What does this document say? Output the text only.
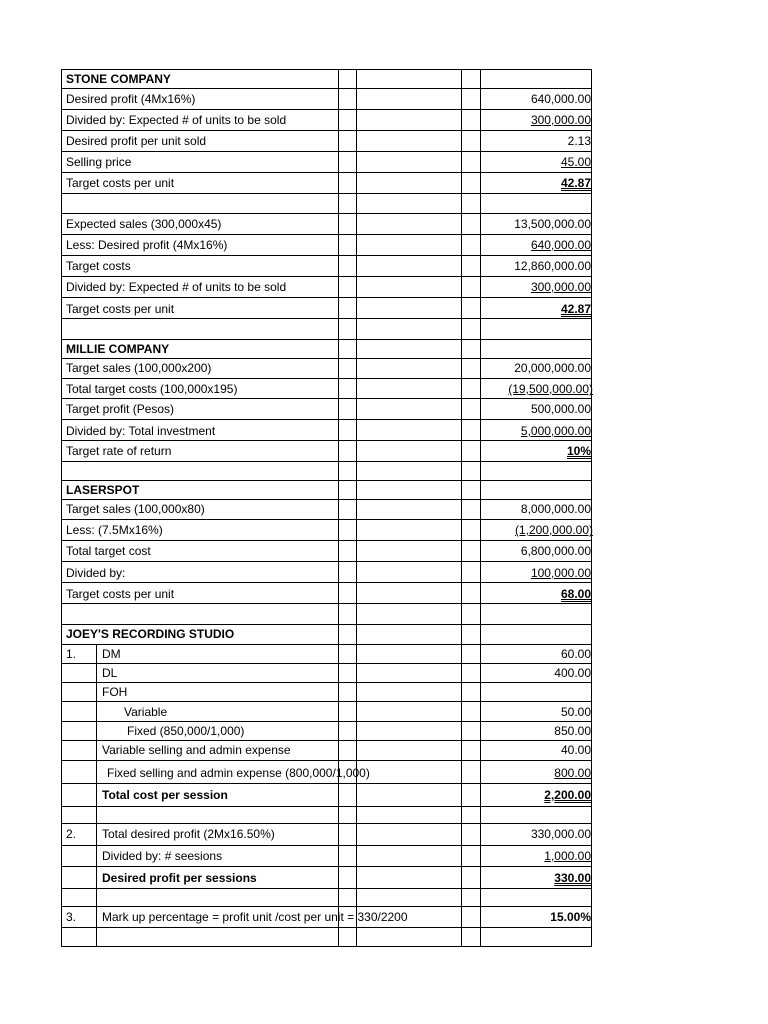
STONE COMPANY
Desired profit (4Mx16%)	640,000.00
Divided by: Expected # of units to be sold	300,000.00
Desired profit per unit sold	2.13
Selling price	45.00
Target costs per unit	42.87
Expected sales (300,000x45)	13,500,000.00
Less: Desired profit (4Mx16%)	640,000.00
Target costs	12,860,000.00
Divided by: Expected # of units to be sold	300,000.00
Target costs per unit	42.87
MILLIE COMPANY
Target sales (100,000x200)	20,000,000.00
Total target costs (100,000x195)	(19,500,000.00)
Target profit (Pesos)	500,000.00
Divided by: Total investment	5,000,000.00
Target rate of return	10%
LASERSPOT
Target sales (100,000x80)	8,000,000.00
Less: (7.5Mx16%)	(1,200,000.00)
Total target cost	6,800,000.00
Divided by:	100,000.00
Target costs per unit	68.00
JOEY'S RECORDING STUDIO
1. DM	60.00
DL	400.00
FOH
Variable	50.00
Fixed (850,000/1,000)	850.00
Variable selling and admin expense	40.00
Fixed selling and admin expense (800,000/1,000)	800.00
Total cost per session	2,200.00
2. Total desired profit (2Mx16.50%)	330,000.00
Divided by: # seesions	1,000.00
Desired profit per sessions	330.00
3. Mark up percentage = profit unit /cost per unit = 330/2200	15.00%
